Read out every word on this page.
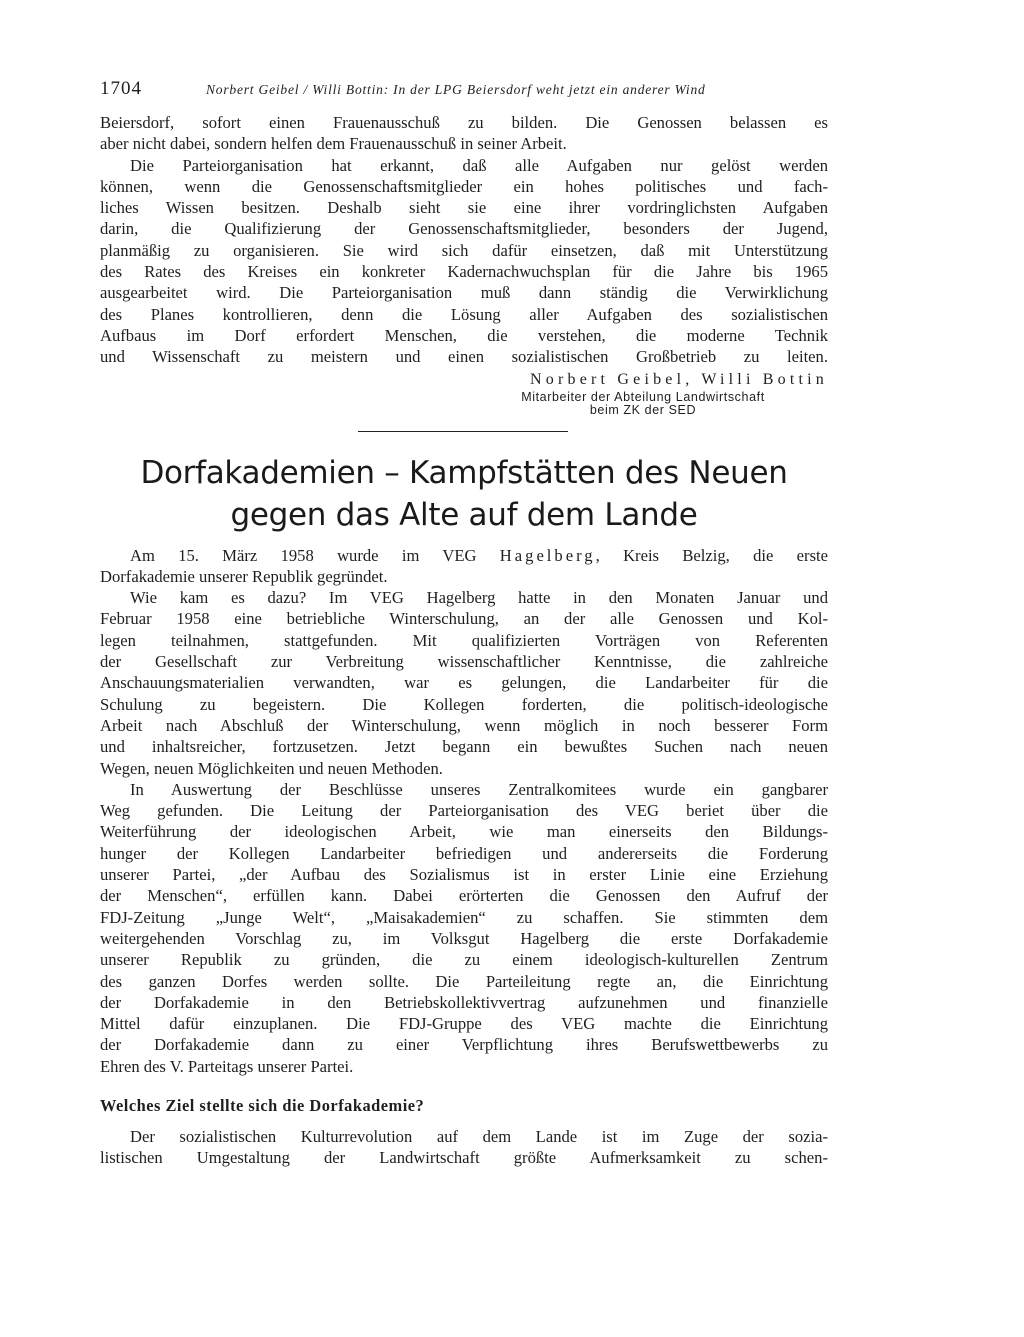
1704	Norbert Geibel / Willi Bottin: In der LPG Beiersdorf weht jetzt ein anderer Wind
Beiersdorf, sofort einen Frauenausschuß zu bilden. Die Genossen belassen es
aber nicht dabei, sondern helfen dem Frauenausschuß in seiner Arbeit.
Die Parteiorganisation hat erkannt, daß alle Aufgaben nur gelöst werden
können, wenn die Genossenschaftsmitglieder ein hohes politisches und fach-
liches Wissen besitzen. Deshalb sieht sie eine ihrer vordringlichsten Aufgaben
darin, die Qualifizierung der Genossenschaftsmitglieder, besonders der Jugend,
planmäßig zu organisieren. Sie wird sich dafür einsetzen, daß mit Unterstützung
des Rates des Kreises ein konkreter Kadernachwuchsplan für die Jahre bis 1965
ausgearbeitet wird. Die Parteiorganisation muß dann ständig die Verwirklichung
des Planes kontrollieren, denn die Lösung aller Aufgaben des sozialistischen
Aufbaus im Dorf erfordert Menschen, die verstehen, die moderne Technik
und Wissenschaft zu meistern und einen sozialistischen Großbetrieb zu leiten.
Norbert Geibel, Willi Bottin
Mitarbeiter der Abteilung Landwirtschaft
beim ZK der SED
Dorfakademien – Kampfstätten des Neuen
gegen das Alte auf dem Lande
Am 15. März 1958 wurde im VEG Hagelberg, Kreis Belzig, die erste
Dorfakademie unserer Republik gegründet.
Wie kam es dazu? Im VEG Hagelberg hatte in den Monaten Januar und
Februar 1958 eine betriebliche Winterschulung, an der alle Genossen und Kol-
legen teilnahmen, stattgefunden. Mit qualifizierten Vorträgen von Referenten
der Gesellschaft zur Verbreitung wissenschaftlicher Kenntnisse, die zahlreiche
Anschauungsmaterialien verwandten, war es gelungen, die Landarbeiter für die
Schulung zu begeistern. Die Kollegen forderten, die politisch-ideologische
Arbeit nach Abschluß der Winterschulung, wenn möglich in noch besserer Form
und inhaltsreicher, fortzusetzen. Jetzt begann ein bewußtes Suchen nach neuen
Wegen, neuen Möglichkeiten und neuen Methoden.
In Auswertung der Beschlüsse unseres Zentralkomitees wurde ein gangbarer
Weg gefunden. Die Leitung der Parteiorganisation des VEG beriet über die
Weiterführung der ideologischen Arbeit, wie man einerseits den Bildungs-
hunger der Kollegen Landarbeiter befriedigen und andererseits die Forderung
unserer Partei, „der Aufbau des Sozialismus ist in erster Linie eine Erziehung
der Menschen“, erfüllen kann. Dabei erörterten die Genossen den Aufruf der
FDJ-Zeitung „Junge Welt“, „Maisakademien“ zu schaffen. Sie stimmten dem
weitergehenden Vorschlag zu, im Volksgut Hagelberg die erste Dorfakademie
unserer Republik zu gründen, die zu einem ideologisch-kulturellen Zentrum
des ganzen Dorfes werden sollte. Die Parteileitung regte an, die Einrichtung
der Dorfakademie in den Betriebskollektivvertrag aufzunehmen und finanzielle
Mittel dafür einzuplanen. Die FDJ-Gruppe des VEG machte die Einrichtung
der Dorfakademie dann zu einer Verpflichtung ihres Berufswettbewerbs zu
Ehren des V. Parteitags unserer Partei.
Welches Ziel stellte sich die Dorfakademie?
Der sozialistischen Kulturrevolution auf dem Lande ist im Zuge der sozia-
listischen Umgestaltung der Landwirtschaft größte Aufmerksamkeit zu schen-
